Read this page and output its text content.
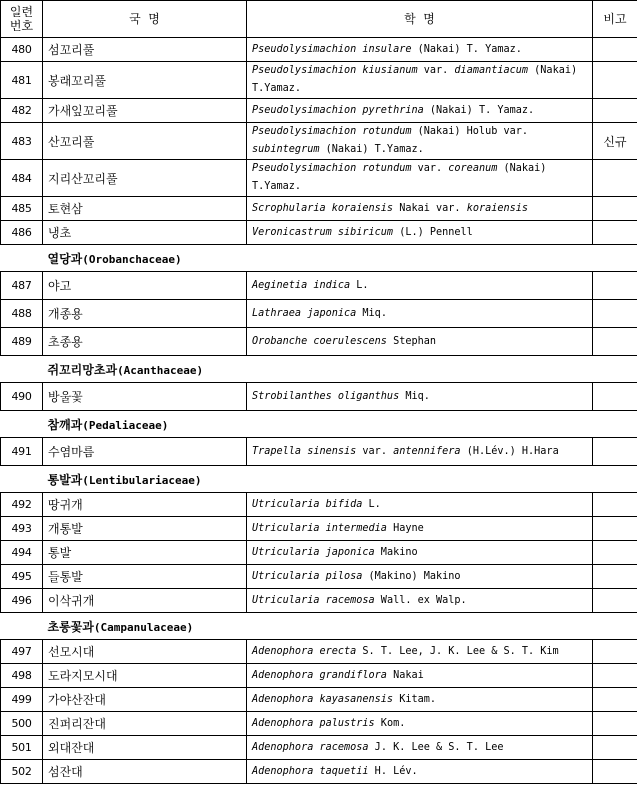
일련
번호	국  명	학  명	비고
480	섬꼬리풀	Pseudolysimachion insulare (Nakai) T. Yamaz.	
481	봉래꼬리풀	Pseudolysimachion kiusianum var. diamantiacum (Nakai) T.Yamaz.	
482	가새잎꼬리풀	Pseudolysimachion pyrethrina (Nakai) T. Yamaz.	
483	산꼬리풀	Pseudolysimachion rotundum (Nakai) Holub var. subintegrum (Nakai) T.Yamaz.	신규
484	지리산꼬리풀	Pseudolysimachion rotundum var. coreanum (Nakai) T.Yamaz.	
485	토현삼	Scrophularia koraiensis Nakai var. koraiensis	
486	냉초	Veronicastrum sibiricum (L.) Pennell	
열당과(Orobanchaceae)			
487	야고	Aeginetia indica L.	
488	개종용	Lathraea japonica Miq.	
489	초종용	Orobanche coerulescens Stephan	
쥐꼬리망초과(Acanthaceae)			
490	방울꽃	Strobilanthes oliganthus Miq.	
참깨과(Pedaliaceae)			
491	수염마름	Trapella sinensis var. antennifera (H.Lév.) H.Hara	
통발과(Lentibulariaceae)			
492	땅귀개	Utricularia bifida L.	
493	개통발	Utricularia intermedia Hayne	
494	통발	Utricularia japonica Makino	
495	들통발	Utricularia pilosa (Makino) Makino	
496	이삭귀개	Utricularia racemosa Wall. ex Walp.	
초롱꽃과(Campanulaceae)			
497	선모시대	Adenophora erecta S. T. Lee, J. K. Lee & S. T. Kim	
498	도라지모시대	Adenophora grandiflora Nakai	
499	가야산잔대	Adenophora kayasanensis Kitam.	
500	진퍼리잔대	Adenophora palustris Kom.	
501	외대잔대	Adenophora racemosa J. K. Lee & S. T. Lee	
502	섬잔대	Adenophora taquetii H. Lév.	
